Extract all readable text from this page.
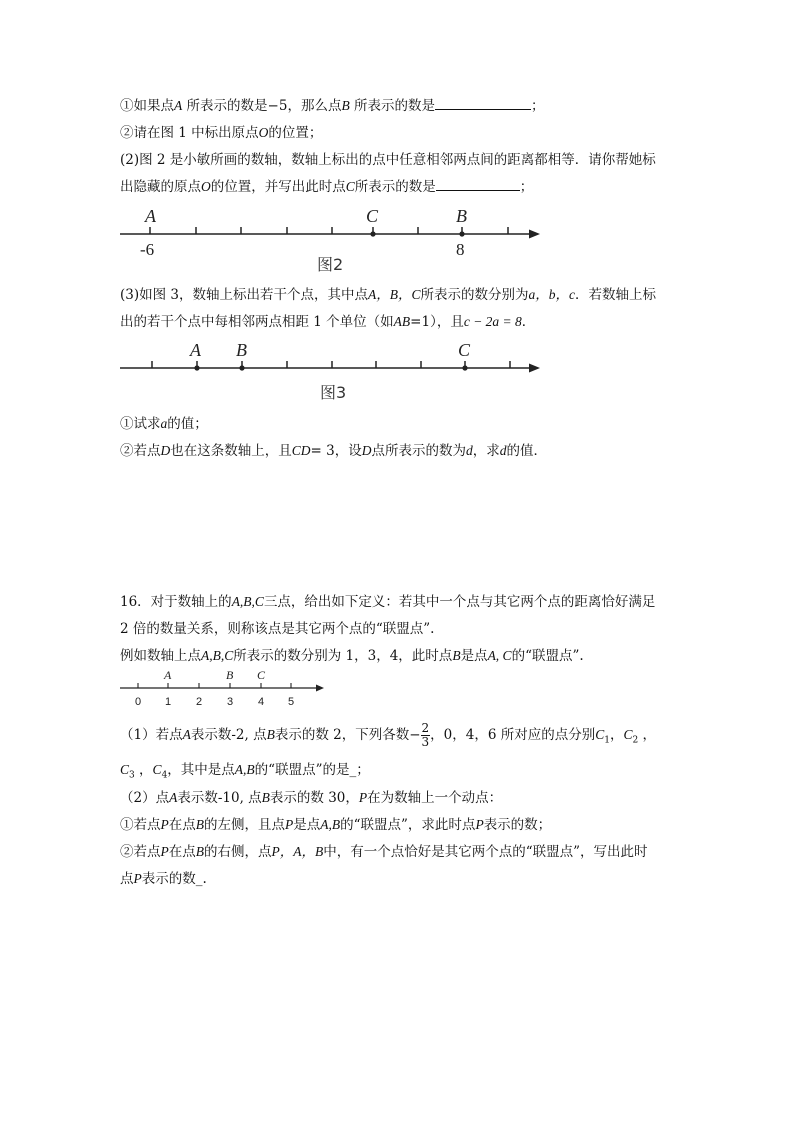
①如果点A 所表示的数是−5，那么点B 所表示的数是	；
②请在图 1 中标出原点O的位置；
(2)图 2 是小敏所画的数轴，数轴上标出的点中任意相邻两点间的距离都相等．请你帮她标
出隐藏的原点O的位置，并写出此时点C所表示的数是	；
A	C	B
-6	8
图2
(3)如图 3，数轴上标出若干个点，其中点A，B，C所表示的数分别为a，b，c．若数轴上标
出的若干个点中每相邻两点相距 1 个单位（如AB=1），且c − 2a = 8．
A B	C
图3
①试求a的值；
②若点D也在这条数轴上，且CD= 3，设D点所表示的数为d，求d的值．
16．对于数轴上的A,B,C三点，给出如下定义：若其中一个点与其它两个点的距离恰好满足
2 倍的数量关系，则称该点是其它两个点的“联盟点”.
例如数轴上点A,B,C所表示的数分别为 1，3，4，此时点B是点A, C的“联盟点”.
A	B C
0 1 2 3 4 5
（1）若点A表示数-2, 点B表示的数 2，下列各数− $\frac{2}{3}$ ，0，4，6 所对应的点分别$C_1$，$C_2$ ，
$C_3$ ，$C_4$，其中是点A,B的“联盟点”的是_；
（2）点A表示数-10, 点B表示的数 30，P在为数轴上一个动点：
①若点P在点B的左侧，且点P是点A,B的“联盟点”，求此时点P表示的数；
②若点P在点B的右侧，点P，A，B中，有一个点恰好是其它两个点的“联盟点”，写出此时
点P表示的数_.
